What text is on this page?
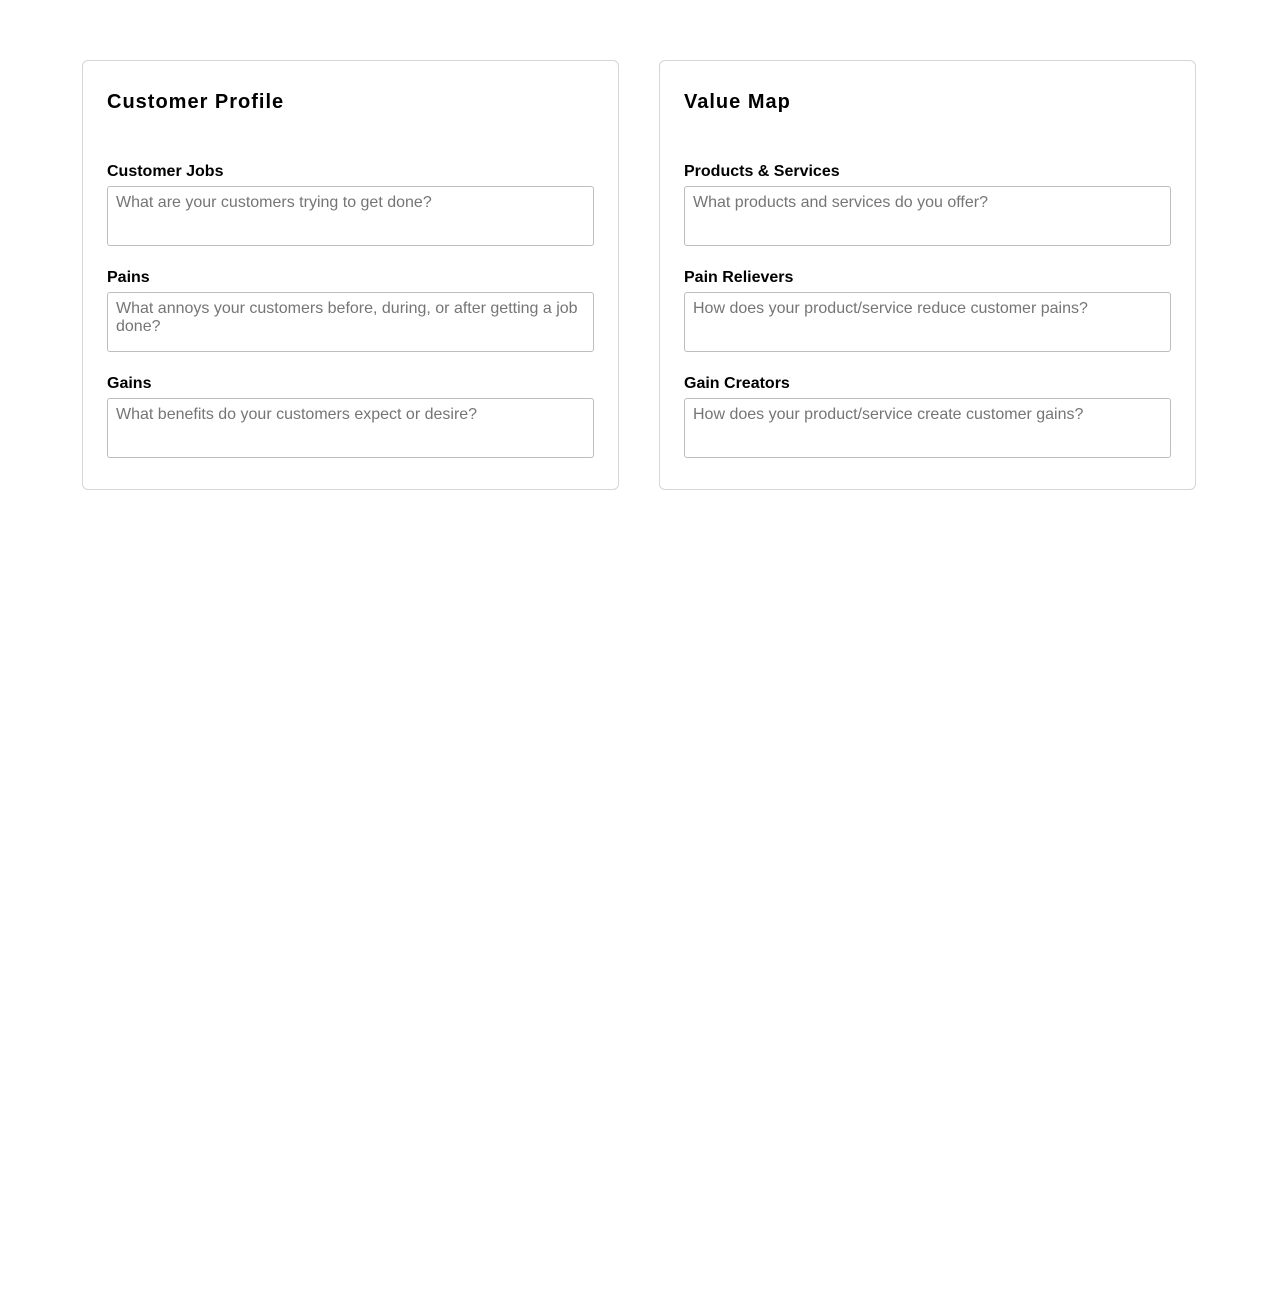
Customer Profile
Customer Jobs
What are your customers trying to get done?
Pains
What annoys your customers before, during, or after getting a job done?
Gains
What benefits do your customers expect or desire?
Value Map
Products & Services
What products and services do you offer?
Pain Relievers
How does your product/service reduce customer pains?
Gain Creators
How does your product/service create customer gains?
